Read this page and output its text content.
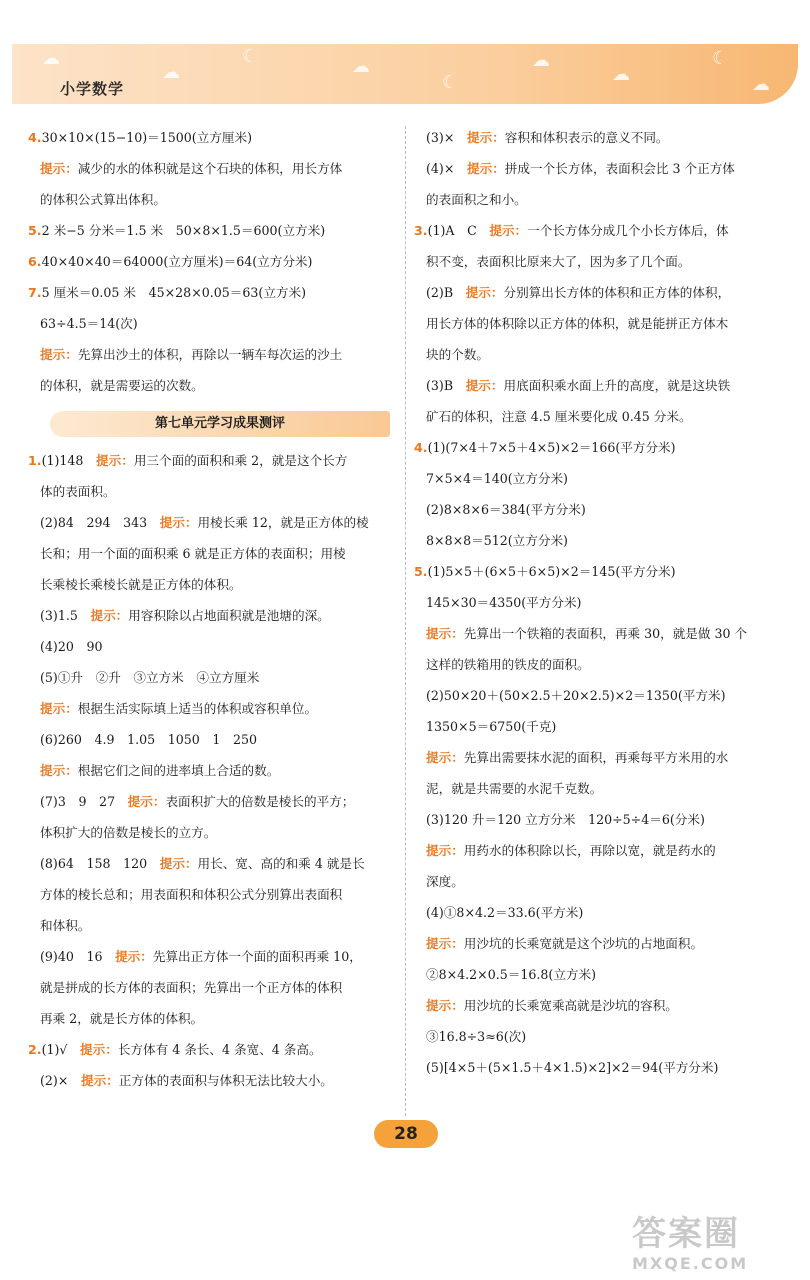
☁
☁
☾	☁
☾
☁
☁
☾
☁
小学数学
4.30×10×(15−10)＝1500(立方厘米)
提示：减少的水的体积就是这个石块的体积，用长方体
的体积公式算出体积。
5.2 米−5 分米＝1.5 米　50×8×1.5＝600(立方米)
6.40×40×40＝64000(立方厘米)＝64(立方分米)
7.5 厘米＝0.05 米　45×28×0.05＝63(立方米)
63÷4.5＝14(次)
提示：先算出沙土的体积，再除以一辆车每次运的沙土
的体积，就是需要运的次数。
第七单元学习成果测评
1.(1)148　提示：用三个面的面积和乘 2，就是这个长方
体的表面积。
(2)84　294　343　提示：用棱长乘 12，就是正方体的棱
长和；用一个面的面积乘 6 就是正方体的表面积；用棱
长乘棱长乘棱长就是正方体的体积。
(3)1.5　提示：用容积除以占地面积就是池塘的深。
(4)20　90
(5)①升　②升　③立方米　④立方厘米
提示：根据生活实际填上适当的体积或容积单位。
(6)260　4.9　1.05　1050　1　250
提示：根据它们之间的进率填上合适的数。
(7)3　9　27　提示：表面积扩大的倍数是棱长的平方；
体积扩大的倍数是棱长的立方。
(8)64　158　120　提示：用长、宽、高的和乘 4 就是长
方体的棱长总和；用表面积和体积公式分别算出表面积
和体积。
(9)40　16　提示：先算出正方体一个面的面积再乘 10，
就是拼成的长方体的表面积；先算出一个正方体的体积
再乘 2，就是长方体的体积。
2.(1)√　提示：长方体有 4 条长、4 条宽、4 条高。
(2)×　提示：正方体的表面积与体积无法比较大小。
(3)×　提示：容积和体积表示的意义不同。
(4)×　提示：拼成一个长方体，表面积会比 3 个正方体
的表面积之和小。
3.(1)A　C　提示：一个长方体分成几个小长方体后，体
积不变，表面积比原来大了，因为多了几个面。
(2)B　提示：分别算出长方体的体积和正方体的体积，
用长方体的体积除以正方体的体积，就是能拼正方体木
块的个数。
(3)B　提示：用底面积乘水面上升的高度，就是这块铁
矿石的体积，注意 4.5 厘米要化成 0.45 分米。
4.(1)(7×4＋7×5＋4×5)×2＝166(平方分米)
7×5×4＝140(立方分米)
(2)8×8×6＝384(平方分米)
8×8×8＝512(立方分米)
5.(1)5×5＋(6×5＋6×5)×2＝145(平方分米)
145×30＝4350(平方分米)
提示：先算出一个铁箱的表面积，再乘 30，就是做 30 个
这样的铁箱用的铁皮的面积。
(2)50×20＋(50×2.5＋20×2.5)×2＝1350(平方米)
1350×5＝6750(千克)
提示：先算出需要抹水泥的面积，再乘每平方米用的水
泥，就是共需要的水泥千克数。
(3)120 升＝120 立方分米　120÷5÷4＝6(分米)
提示：用药水的体积除以长，再除以宽，就是药水的
深度。
(4)①8×4.2＝33.6(平方米)
提示：用沙坑的长乘宽就是这个沙坑的占地面积。
②8×4.2×0.5＝16.8(立方米)
提示：用沙坑的长乘宽乘高就是沙坑的容积。
③16.8÷3≈6(次)
(5)[4×5＋(5×1.5＋4×1.5)×2]×2＝94(平方分米)
28
答案圈
MXQE.COM
